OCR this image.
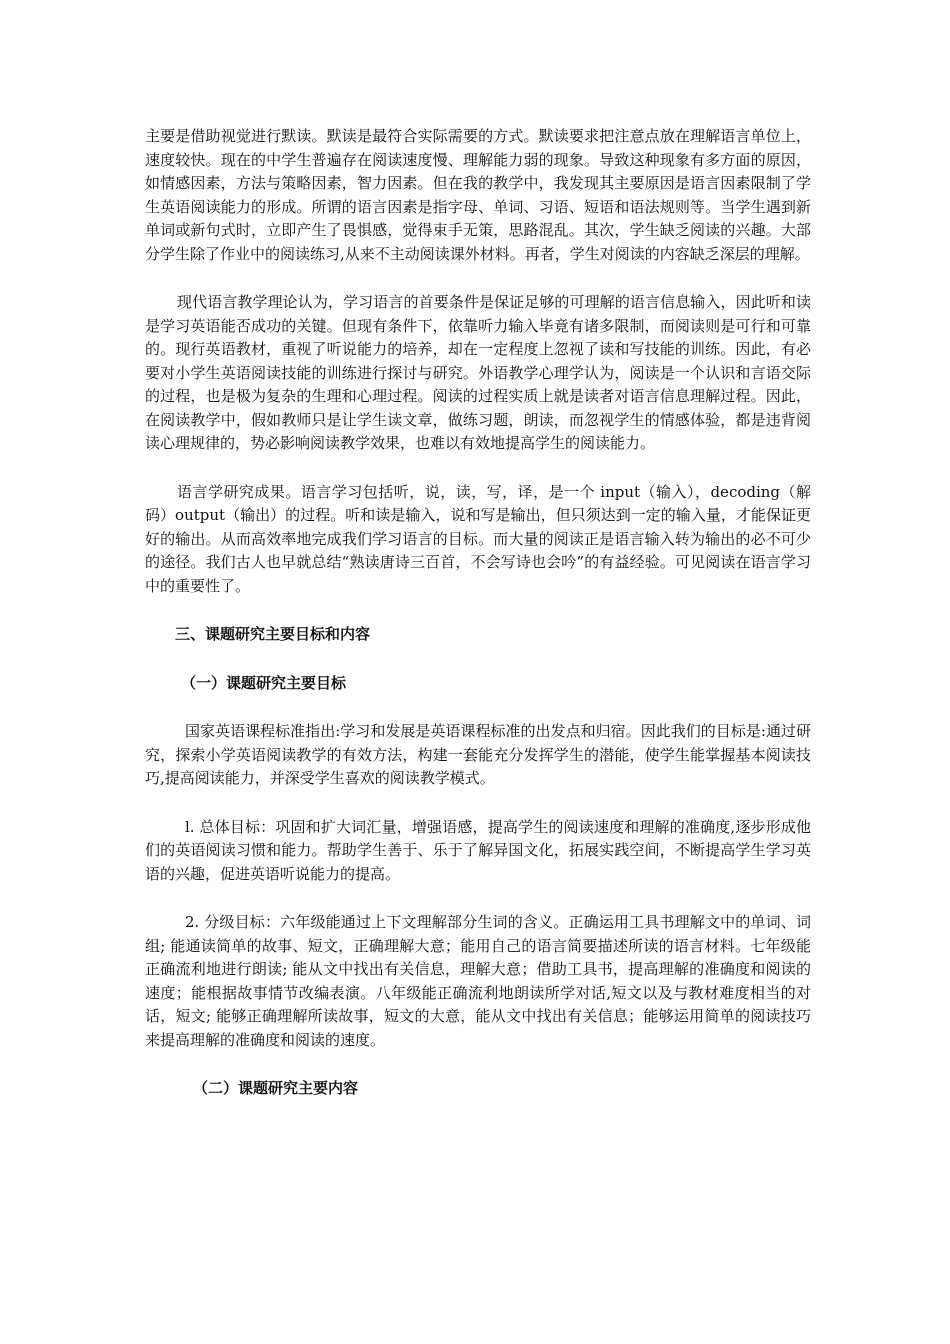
主要是借助视觉进行默读。默读是最符合实际需要的方式。默读要求把注意点放在理解语言单位上，速度较快。现在的中学生普遍存在阅读速度慢、理解能力弱的现象。导致这种现象有多方面的原因，如情感因素，方法与策略因素，智力因素。但在我的教学中，我发现其主要原因是语言因素限制了学生英语阅读能力的形成。所谓的语言因素是指字母、单词、习语、短语和语法规则等。当学生遇到新单词或新句式时，立即产生了畏惧感，觉得束手无策，思路混乱。其次，学生缺乏阅读的兴趣。大部分学生除了作业中的阅读练习,从来不主动阅读课外材料。再者，学生对阅读的内容缺乏深层的理解。

现代语言教学理论认为，学习语言的首要条件是保证足够的可理解的语言信息输入，因此听和读是学习英语能否成功的关键。但现有条件下，依靠听力输入毕竟有诸多限制，而阅读则是可行和可靠的。现行英语教材，重视了听说能力的培养，却在一定程度上忽视了读和写技能的训练。因此，有必要对小学生英语阅读技能的训练进行探讨与研究。外语教学心理学认为，阅读是一个认识和言语交际的过程，也是极为复杂的生理和心理过程。阅读的过程实质上就是读者对语言信息理解过程。因此，在阅读教学中，假如教师只是让学生读文章，做练习题，朗读，而忽视学生的情感体验，都是违背阅读心理规律的，势必影响阅读教学效果，也难以有效地提高学生的阅读能力。

语言学研究成果。语言学习包括听，说，读，写，译，是一个 input（输入），decoding（解码）output（输出）的过程。听和读是输入，说和写是输出，但只须达到一定的输入量，才能保证更好的输出。从而高效率地完成我们学习语言的目标。而大量的阅读正是语言输入转为输出的必不可少的途径。我们古人也早就总结“熟读唐诗三百首，不会写诗也会吟”的有益经验。可见阅读在语言学习中的重要性了。

三、课题研究主要目标和内容

（一）课题研究主要目标

国家英语课程标准指出:学习和发展是英语课程标准的出发点和归宿。因此我们的目标是:通过研究，探索小学英语阅读教学的有效方法，构建一套能充分发挥学生的潜能，使学生能掌握基本阅读技巧,提高阅读能力，并深受学生喜欢的阅读教学模式。

l. 总体目标：巩固和扩大词汇量，增强语感，提高学生的阅读速度和理解的准确度,逐步形成他们的英语阅读习惯和能力。帮助学生善于、乐于了解异国文化，拓展实践空间，不断提高学生学习英语的兴趣，促进英语听说能力的提高。

2. 分级目标：六年级能通过上下文理解部分生词的含义。正确运用工具书理解文中的单词、词组; 能通读简单的故事、短文，正确理解大意；能用自己的语言简要描述所读的语言材料。七年级能正确流利地进行朗读; 能从文中找出有关信息，理解大意；借助工具书，提高理解的准确度和阅读的速度；能根据故事情节改编表演。八年级能正确流利地朗读所学对话,短文以及与教材难度相当的对话，短文; 能够正确理解所读故事，短文的大意，能从文中找出有关信息；能够运用简单的阅读技巧来提高理解的准确度和阅读的速度。

（二）课题研究主要内容
